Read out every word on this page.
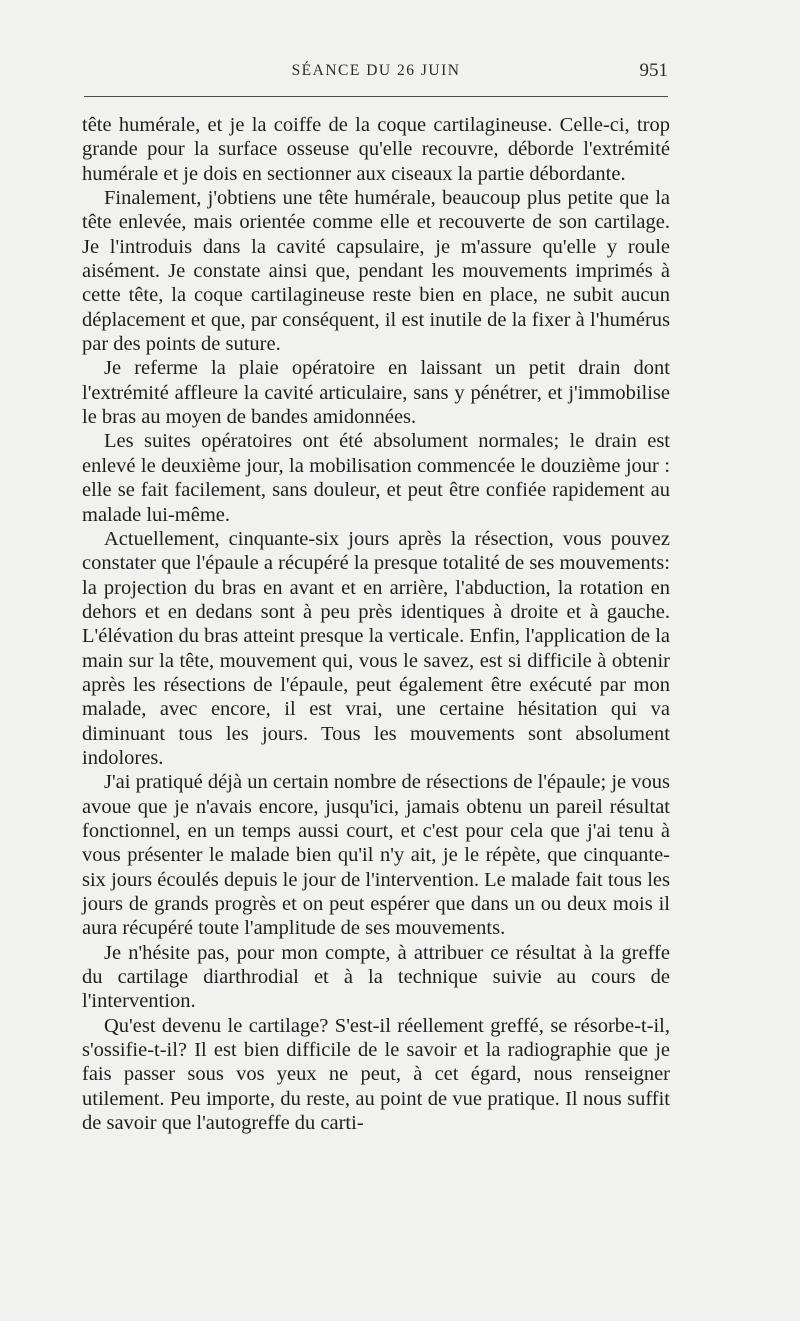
SÉANCE DU 26 JUIN	951

tête humérale, et je la coiffe de la coque cartilagineuse. Celle-ci, trop grande pour la surface osseuse qu'elle recouvre, déborde l'extrémité humérale et je dois en sectionner aux ciseaux la partie débordante.

Finalement, j'obtiens une tête humérale, beaucoup plus petite que la tête enlevée, mais orientée comme elle et recouverte de son cartilage. Je l'introduis dans la cavité capsulaire, je m'assure qu'elle y roule aisément. Je constate ainsi que, pendant les mouvements imprimés à cette tête, la coque cartilagineuse reste bien en place, ne subit aucun déplacement et que, par conséquent, il est inutile de la fixer à l'humérus par des points de suture.

Je referme la plaie opératoire en laissant un petit drain dont l'extrémité affleure la cavité articulaire, sans y pénétrer, et j'immobilise le bras au moyen de bandes amidonnées.

Les suites opératoires ont été absolument normales; le drain est enlevé le deuxième jour, la mobilisation commencée le douzième jour : elle se fait facilement, sans douleur, et peut être confiée rapidement au malade lui-même.

Actuellement, cinquante-six jours après la résection, vous pouvez constater que l'épaule a récupéré la presque totalité de ses mouvements: la projection du bras en avant et en arrière, l'abduction, la rotation en dehors et en dedans sont à peu près identiques à droite et à gauche. L'élévation du bras atteint presque la verticale. Enfin, l'application de la main sur la tête, mouvement qui, vous le savez, est si difficile à obtenir après les résections de l'épaule, peut également être exécuté par mon malade, avec encore, il est vrai, une certaine hésitation qui va diminuant tous les jours. Tous les mouvements sont absolument indolores.

J'ai pratiqué déjà un certain nombre de résections de l'épaule; je vous avoue que je n'avais encore, jusqu'ici, jamais obtenu un pareil résultat fonctionnel, en un temps aussi court, et c'est pour cela que j'ai tenu à vous présenter le malade bien qu'il n'y ait, je le répète, que cinquante-six jours écoulés depuis le jour de l'intervention. Le malade fait tous les jours de grands progrès et on peut espérer que dans un ou deux mois il aura récupéré toute l'amplitude de ses mouvements.

Je n'hésite pas, pour mon compte, à attribuer ce résultat à la greffe du cartilage diarthrodial et à la technique suivie au cours de l'intervention.

Qu'est devenu le cartilage? S'est-il réellement greffé, se résorbe-t-il, s'ossifie-t-il? Il est bien difficile de le savoir et la radiographie que je fais passer sous vos yeux ne peut, à cet égard, nous renseigner utilement. Peu importe, du reste, au point de vue pratique. Il nous suffit de savoir que l'autogreffe du carti-
